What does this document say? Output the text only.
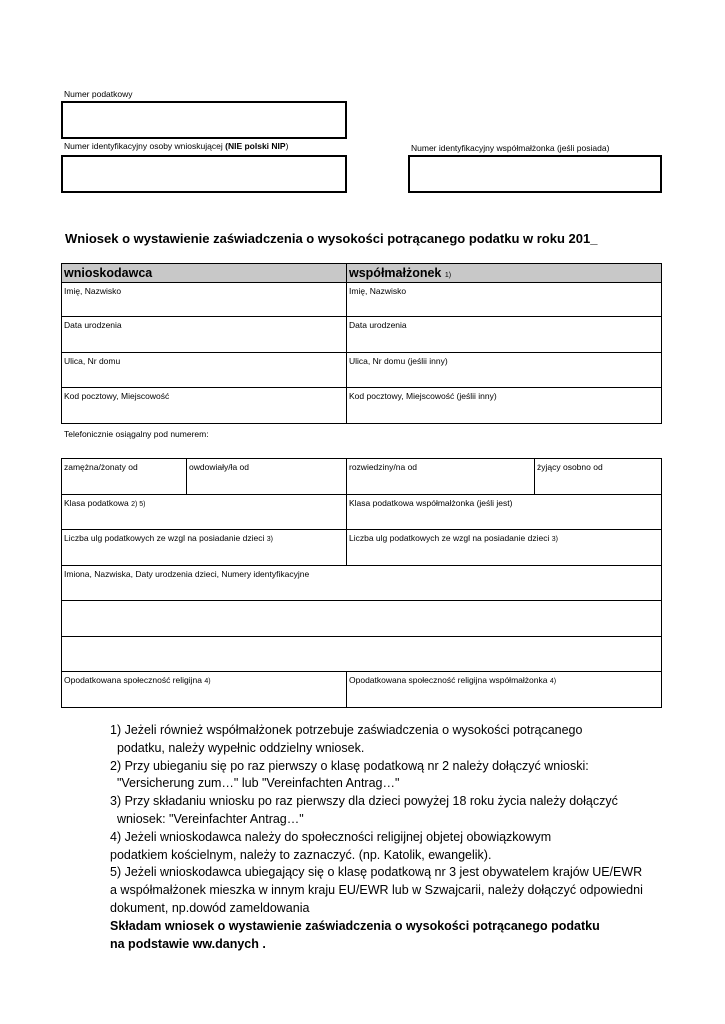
Numer podatkowy
Numer identyfikacyjny osoby wnioskującej (NIE polski NIP)	Numer identyfikacyjny współmałżonka (jeśli posiada)
Wniosek o wystawienie zaświadczenia o wysokości potrącanego podatku w roku 201_
wnioskodawca	współmałżonek 1)
Imię, Nazwisko	Imię, Nazwisko
Data urodzenia	Data urodzenia
Ulica, Nr domu	Ulica, Nr domu (jeślii inny)
Kod pocztowy, Miejscowość	Kod pocztowy, Miejscowość (jeślii inny)
Telefonicznie osiągalny pod numerem:
zamężna/żonaty od	owdowiały/ła od	rozwiedziny/na od	żyjący osobno od
Klasa podatkowa 2) 5)		Klasa podatkowa współmałżonka (jeśli jest)	
Liczba ulg podatkowych ze wzgl na posiadanie dzieci 3)		Liczba ulg podatkowych ze wzgl na posiadanie dzieci 3)	
Imiona, Nazwiska, Daty urodzenia dzieci, Numery identyfikacyjne			

Opodatkowana społeczność religijna 4)		Opodatkowana społeczność religijna współmałżonka 4)	
1) Jeżeli również współmałżonek potrzebuje zaświadczenia o wysokości potrącanego
podatku, należy wypełnic oddzielny wniosek.
2) Przy ubieganiu się po raz pierwszy o klasę podatkową nr 2 należy dołączyć wnioski:
"Versicherung zum…" lub "Vereinfachten Antrag…"
3) Przy składaniu wniosku po raz pierwszy dla dzieci powyżej 18 roku życia należy dołączyć
wniosek: "Vereinfachter Antrag…"
4) Jeżeli wnioskodawca należy do społeczności religijnej objetej obowiązkowym
podatkiem kościelnym, należy to zaznaczyć. (np. Katolik, ewangelik).
5) Jeżeli wnioskodawca ubiegający się o klasę podatkową nr 3 jest obywatelem krajów UE/EWR
a współmałżonek mieszka w innym kraju EU/EWR lub w Szwajcarii, należy dołączyć odpowiedni
dokument, np.dowód zameldowania
Składam wniosek o wystawienie zaświadczenia o wysokości potrącanego podatku
na podstawie ww.danych .
